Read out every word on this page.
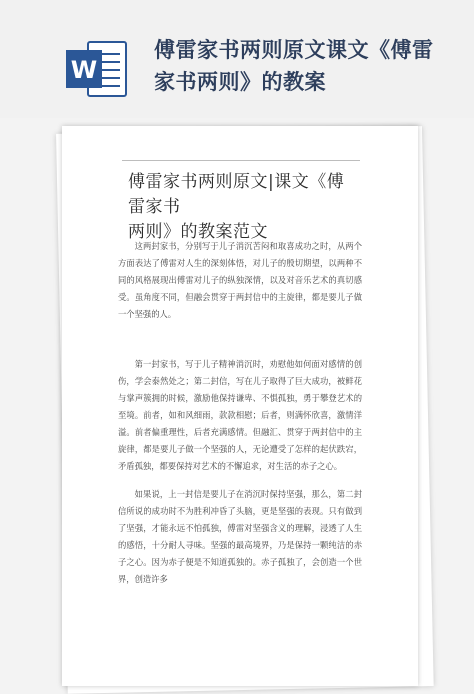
W
傅雷家书两则原文课文《傅雷
家书两则》的教案
傅雷家书两则原文|课文《傅雷家书
两则》的教案范文

这两封家书，分别写于儿子消沉苦闷和取喜成功之时，从两个方面表达了傅雷对人生的深刻体悟，对儿子的殷切期望，以两种不同的风格展现出傅雷对儿子的纵独深情，以及对音乐艺术的真切感受。虽角度不同，但融会贯穿于两封信中的主旋律，都是要儿子做一个坚强的人。

第一封家书，写于儿子精神消沉时，劝慰他如何面对感情的创伤，学会泰然处之；第二封信，写在儿子取得了巨大成功，被鲜花与掌声簇拥的时候，激励他保持谦卑、不惧孤独，勇于攀登艺术的至境。前者，如和风细雨，款款相慰；后者，则满怀欣喜，激情洋溢。前者偏重理性，后者充满感情。但融汇、贯穿于两封信中的主旋律，都是要儿子做一个坚强的人，无论遭受了怎样的起伏跌宕，矛盾孤独，都要保持对艺术的不懈追求，对生活的赤子之心。

如果说，上一封信是要儿子在消沉时保持坚强，那么，第二封信所说的成功时不为胜利冲昏了头脑，更是坚强的表现。只有做到了坚强，才能永远不怕孤独，傅雷对坚强含义的理解，浸透了人生的感悟，十分耐人寻味。坚强的最高境界，乃是保持一颗纯洁的赤子之心。因为赤子便是不知道孤独的。赤子孤独了，会创造一个世界，创造许多
